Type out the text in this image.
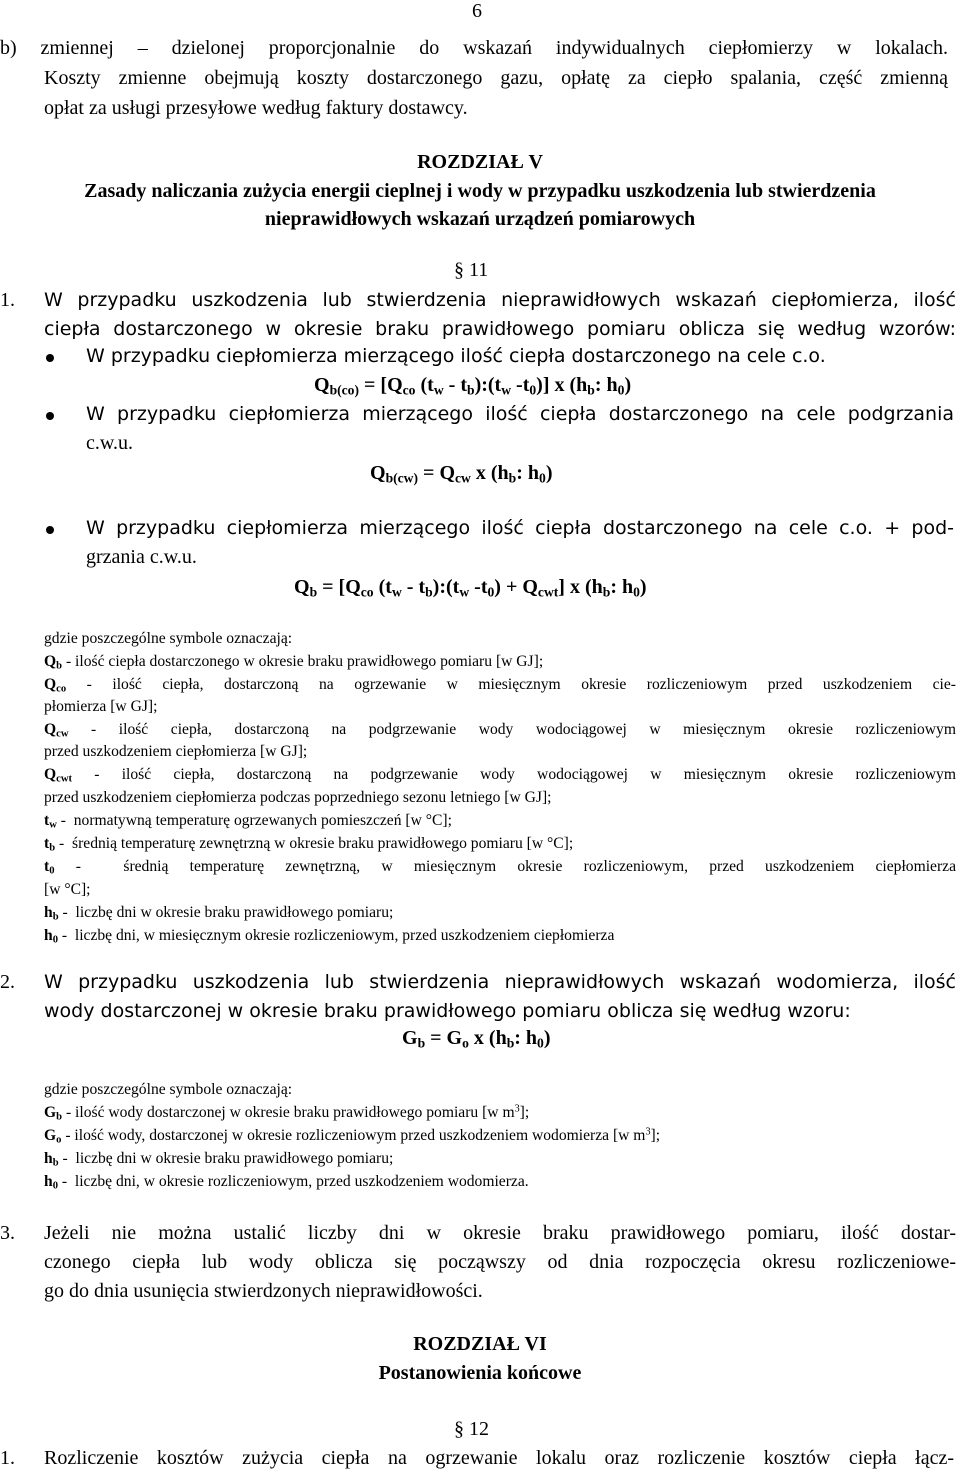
6
b) zmiennej – dzielonej proporcjonalnie do wskazań indywidualnych ciepłomierzy w lokalach.
Koszty zmienne obejmują koszty dostarczonego gazu, opłatę za ciepło spalania, część zmienną
opłat za usługi przesyłowe według faktury dostawcy.
ROZDZIAŁ V
Zasady naliczania zużycia energii cieplnej i wody w przypadku uszkodzenia lub stwierdzenia
nieprawidłowych wskazań urządzeń pomiarowych
§ 11
1. W przypadku uszkodzenia lub stwierdzenia nieprawidłowych wskazań ciepłomierza, ilość
ciepła dostarczonego w okresie braku prawidłowego pomiaru oblicza się według wzorów:
W przypadku ciepłomierza mierzącego ilość ciepła dostarczonego na cele c.o.
$Q_{b(co)} = [Q_{co}$ ($t_w$ - $t_b):(t_w$ $-t_0$)] x ($h_b$: $h_0$)
W przypadku ciepłomierza mierzącego ilość ciepła dostarczonego na cele podgrzania
c.w.u.
$Q_{b(cw)} = Q_{cw}$ x ($h_b$: $h_0$)
W przypadku ciepłomierza mierzącego ilość ciepła dostarczonego na cele c.o. + pod-
grzania c.w.u.
$Q_b = [Q_{co}$ ($t_w$ - $t_b):(t_w$ $-t_0) + Q_{cwt}$] x ($h_b$: $h_0$)
gdzie poszczególne symbole oznaczają:
$Q_b$ - ilość ciepła dostarczonego w okresie braku prawidłowego pomiaru [w GJ];
$Q_{co}$ - ilość ciepła, dostarczoną na ogrzewanie w miesięcznym okresie rozliczeniowym przed uszkodzeniem cie-
płomierza [w GJ];
$Q_{cw}$ - ilość ciepła, dostarczoną na podgrzewanie wody wodociągowej w miesięcznym okresie rozliczeniowym
przed uszkodzeniem ciepłomierza [w GJ];
$Q_{cwt}$ - ilość ciepła, dostarczoną na podgrzewanie wody wodociągowej w miesięcznym okresie rozliczeniowym
przed uszkodzeniem ciepłomierza podczas poprzedniego sezonu letniego [w GJ];
$t_w$ -  normatywną temperaturę ogrzewanych pomieszczeń [w °C];
$t_b$ -  średnią temperaturę zewnętrzną w okresie braku prawidłowego pomiaru [w °C];
$t_0$ -  średnią temperaturę zewnętrzną, w miesięcznym okresie rozliczeniowym, przed uszkodzeniem ciepłomierza
[w °C];
$h_b$ -  liczbę dni w okresie braku prawidłowego pomiaru;
$h_0$ -  liczbę dni, w miesięcznym okresie rozliczeniowym, przed uszkodzeniem ciepłomierza
2. W przypadku uszkodzenia lub stwierdzenia nieprawidłowych wskazań wodomierza, ilość
wody dostarczonej w okresie braku prawidłowego pomiaru oblicza się według wzoru:
$G_b = G_o$ x ($h_b$: $h_0$)
gdzie poszczególne symbole oznaczają:
$G_b$ - ilość wody dostarczonej w okresie braku prawidłowego pomiaru [w $m^3$];
$G_o$ - ilość wody, dostarczonej w okresie rozliczeniowym przed uszkodzeniem wodomierza [w $m^3$];
$h_b$ -  liczbę dni w okresie braku prawidłowego pomiaru;
$h_0$ -  liczbę dni, w okresie rozliczeniowym, przed uszkodzeniem wodomierza.
3. Jeżeli nie można ustalić liczby dni w okresie braku prawidłowego pomiaru, ilość dostar-
czonego ciepła lub wody oblicza się począwszy od dnia rozpoczęcia okresu rozliczeniowe-
go do dnia usunięcia stwierdzonych nieprawidłowości.
ROZDZIAŁ VI
Postanowienia końcowe
§ 12
1. Rozliczenie kosztów zużycia ciepła na ogrzewanie lokalu oraz rozliczenie kosztów ciepła łącz-
